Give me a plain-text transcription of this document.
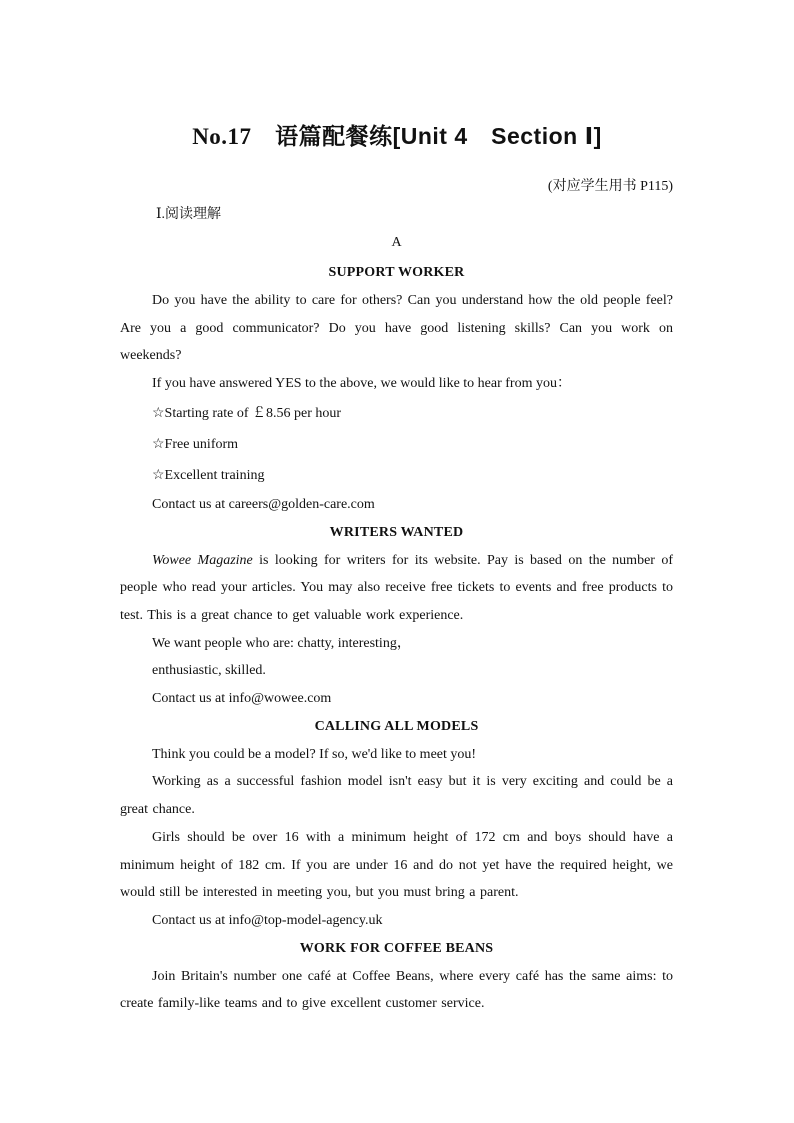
No.17　 语篇配餐练[Unit 4　Section Ⅰ]
(对应学生用书 P115)

Ⅰ.阅读理解

A

SUPPORT WORKER

Do you have the ability to care for others? Can you understand how the old people feel? Are you a good communicator? Do you have good listening skills? Can you work on weekends?

If you have answered YES to the above, we would like to hear from you：

☆Starting rate of ￡8.56 per hour

☆Free uniform

☆Excellent training

Contact us at careers@golden-care.com

WRITERS WANTED

Wowee Magazine is looking for writers for its website. Pay is based on the number of people who read your articles. You may also receive free tickets to events and free products to test. This is a great chance to get valuable work experience.

We want people who are: chatty, interesting，

enthusiastic, skilled.

Contact us at info@wowee.com

CALLING ALL MODELS

Think you could be a model? If so, we'd like to meet you!

Working as a successful fashion model isn't easy but it is very exciting and could be a great chance.

Girls should be over 16 with a minimum height of 172 cm and boys should have a minimum height of 182 cm. If you are under 16 and do not yet have the required height, we would still be interested in meeting you, but you must bring a parent.

Contact us at info@top-model-agency.uk

WORK FOR COFFEE BEANS

Join Britain's number one café at Coffee Beans, where every café has the same aims: to create family-like teams and to give excellent customer service.
